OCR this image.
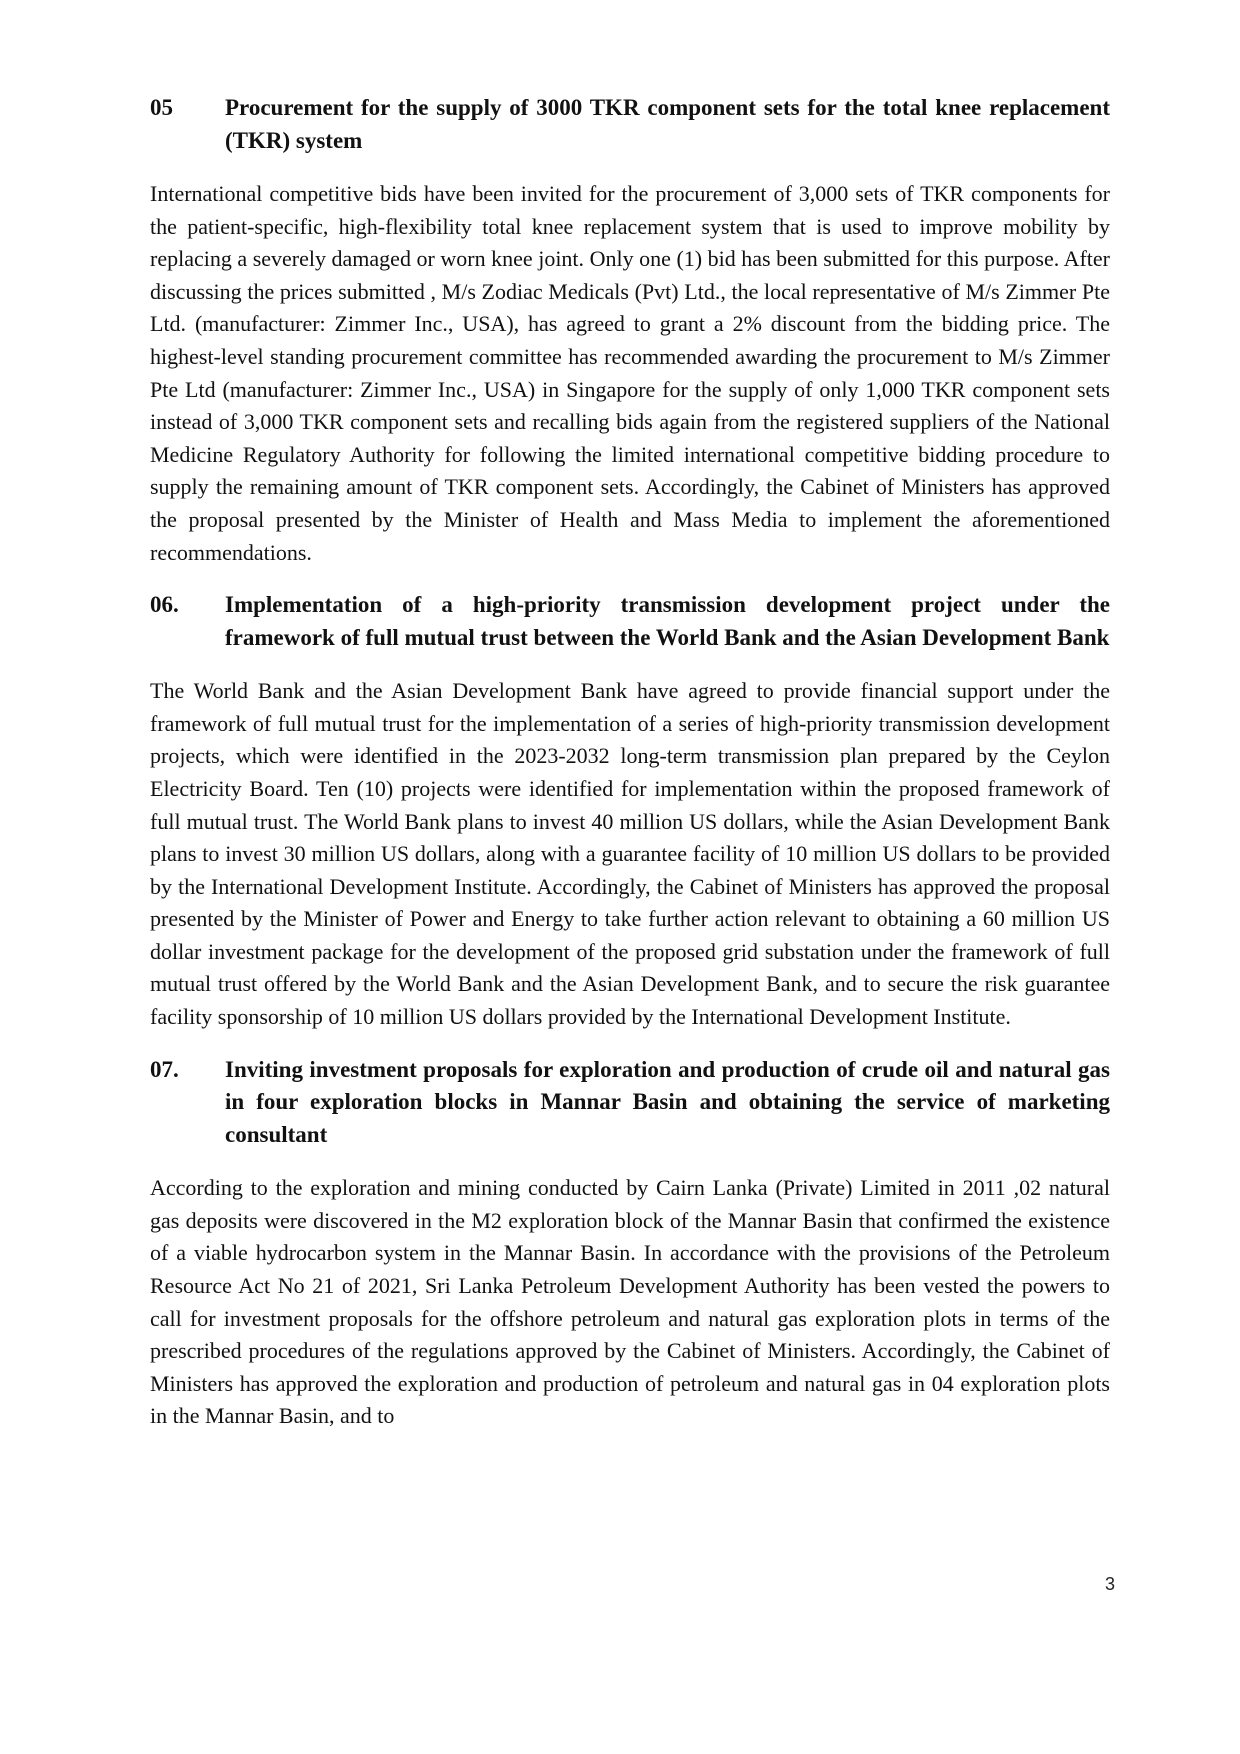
05	Procurement for the supply of 3000 TKR component sets for the total knee replacement (TKR) system

International competitive bids have been invited for the procurement of 3,000 sets of TKR components for the patient-specific, high-flexibility total knee replacement system that is used to improve mobility by replacing a severely damaged or worn knee joint. Only one (1) bid has been submitted for this purpose. After discussing the prices submitted , M/s Zodiac Medicals (Pvt) Ltd., the local representative of M/s Zimmer Pte Ltd. (manufacturer: Zimmer Inc., USA), has agreed to grant a 2% discount from the bidding price. The highest-level standing procurement committee has recommended awarding the procurement to M/s Zimmer Pte Ltd (manufacturer: Zimmer Inc., USA) in Singapore for the supply of only 1,000 TKR component sets instead of 3,000 TKR component sets and recalling bids again from the registered suppliers of the National Medicine Regulatory Authority for following the limited international competitive bidding procedure to supply the remaining amount of TKR component sets. Accordingly, the Cabinet of Ministers has approved the proposal presented by the Minister of Health and Mass Media to implement the aforementioned recommendations.

06.	Implementation of a high-priority transmission development project under the framework of full mutual trust between the World Bank and the Asian Development Bank

The World Bank and the Asian Development Bank have agreed to provide financial support under the framework of full mutual trust for the implementation of a series of high-priority transmission development projects, which were identified in the 2023-2032 long-term transmission plan prepared by the Ceylon Electricity Board. Ten (10) projects were identified for implementation within the proposed framework of full mutual trust. The World Bank plans to invest 40 million US dollars, while the Asian Development Bank plans to invest 30 million US dollars, along with a guarantee facility of 10 million US dollars to be provided by the International Development Institute. Accordingly, the Cabinet of Ministers has approved the proposal presented by the Minister of Power and Energy to take further action relevant to obtaining a 60 million US dollar investment package for the development of the proposed grid substation under the framework of full mutual trust offered by the World Bank and the Asian Development Bank, and to secure the risk guarantee facility sponsorship of 10 million US dollars provided by the International Development Institute.

07.	Inviting investment proposals for exploration and production of crude oil and natural gas in four exploration blocks in Mannar Basin and obtaining the service of marketing consultant

According to the exploration and mining conducted by Cairn Lanka (Private) Limited in 2011 ,02 natural gas deposits were discovered in the M2 exploration block of the Mannar Basin that confirmed the existence of a viable hydrocarbon system in the Mannar Basin. In accordance with the provisions of the Petroleum Resource Act No 21 of 2021, Sri Lanka Petroleum Development Authority has been vested the powers to call for investment proposals for the offshore petroleum and natural gas exploration plots in terms of the prescribed procedures of the regulations approved by the Cabinet of Ministers. Accordingly, the Cabinet of Ministers has approved the exploration and production of petroleum and natural gas in 04 exploration plots in the Mannar Basin, and to

3
